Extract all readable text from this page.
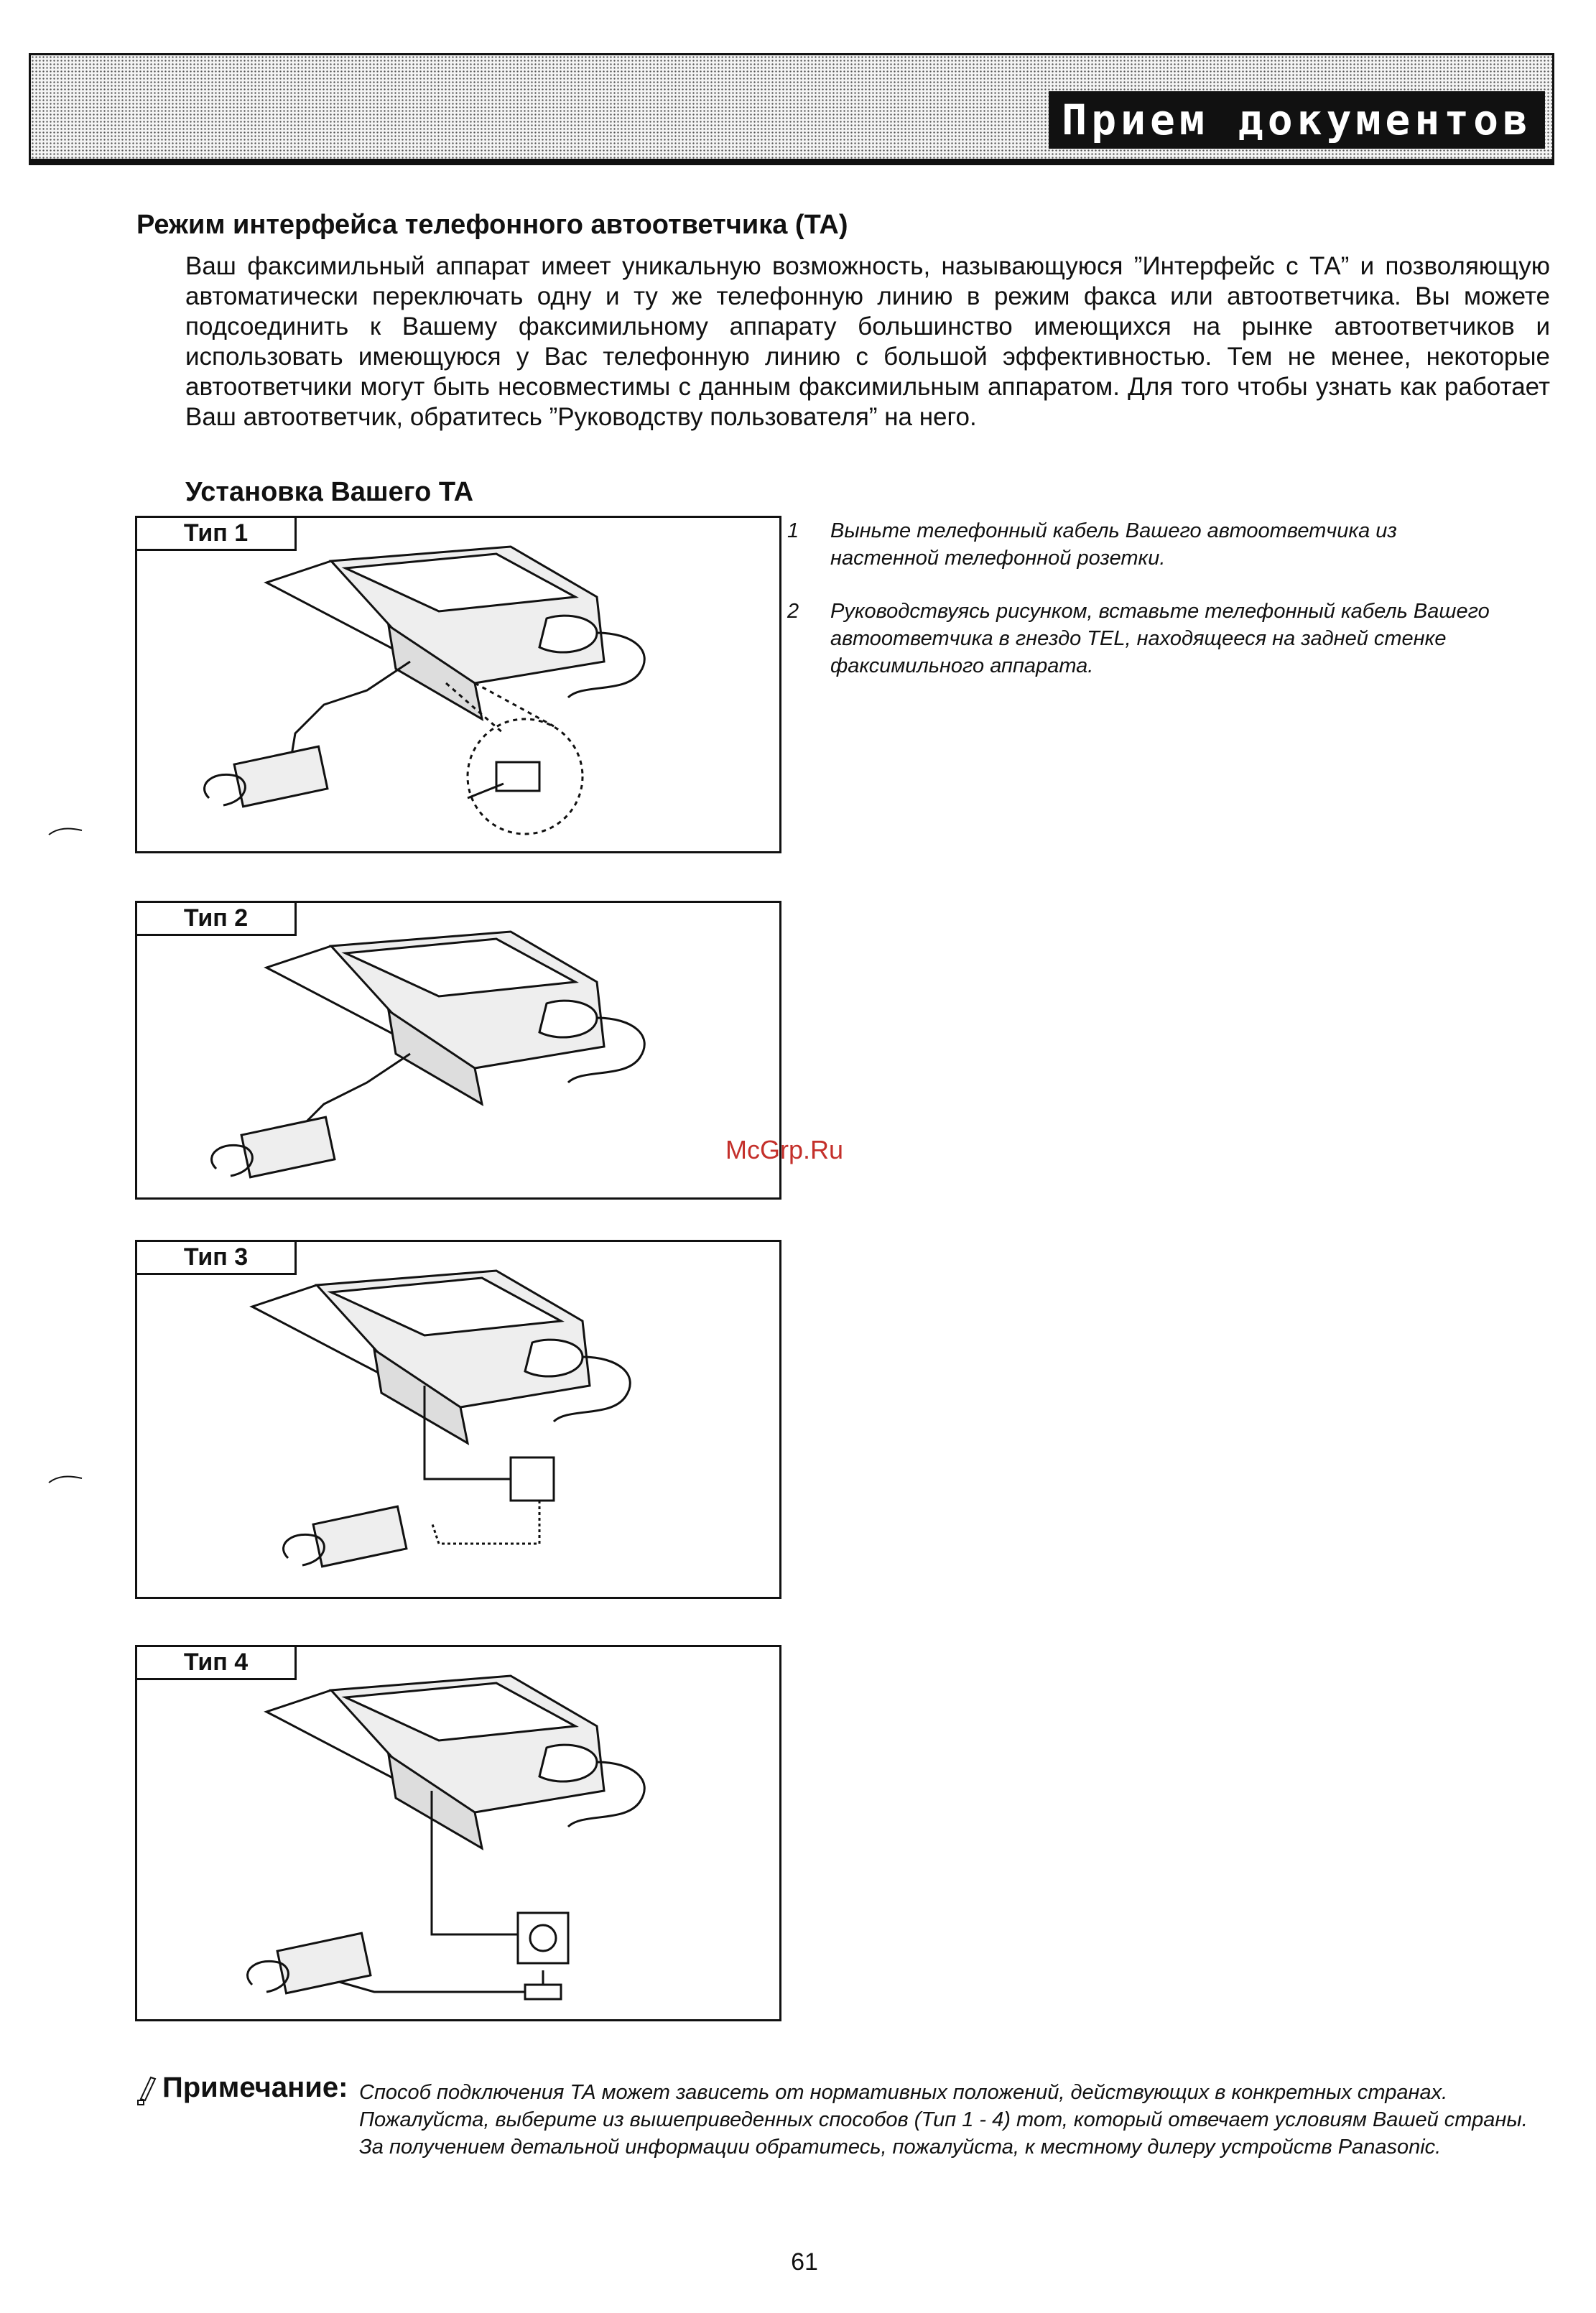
Прием документов
Режим интерфейса телефонного автоответчика (ТА)

Ваш факсимильный аппарат имеет уникальную возможность, называющуюся ”Интерфейс с ТА” и позволяющую автоматически переключать одну и ту же телефонную линию в режим факса или автоответчика. Вы можете подсоединить к Вашему факсимильному аппарату большинство имеющихся на рынке автоответчиков и использовать имеющуюся у Вас телефонную линию с большой эффективностью. Тем не менее, некоторые автоответчики могут быть несовместимы с данным факсимильным аппаратом. Для того чтобы узнать как работает Ваш автоответчик, обратитесь ”Руководству пользователя” на него.

Установка Вашего ТА
Тип 1
Тип 2
Тип 3
Тип 4
1 Выньте телефонный кабель Вашего автоответчика из настенной телефонной розетки.
2 Руководствуясь рисунком, вставьте телефонный кабель Вашего автоответчика в гнездо TEL, находящееся на задней стенке факсимильного аппарата.
McGrp.Ru
Примечание: Способ подключения ТА может зависеть от нормативных положений, действующих в конкретных странах. Пожалуйста, выберите из вышеприведенных способов (Тип 1 - 4) тот, который отвечает условиям Вашей страны. За получением детальной информации обратитесь, пожалуйста, к местному дилеру устройств Panasonic.
61
